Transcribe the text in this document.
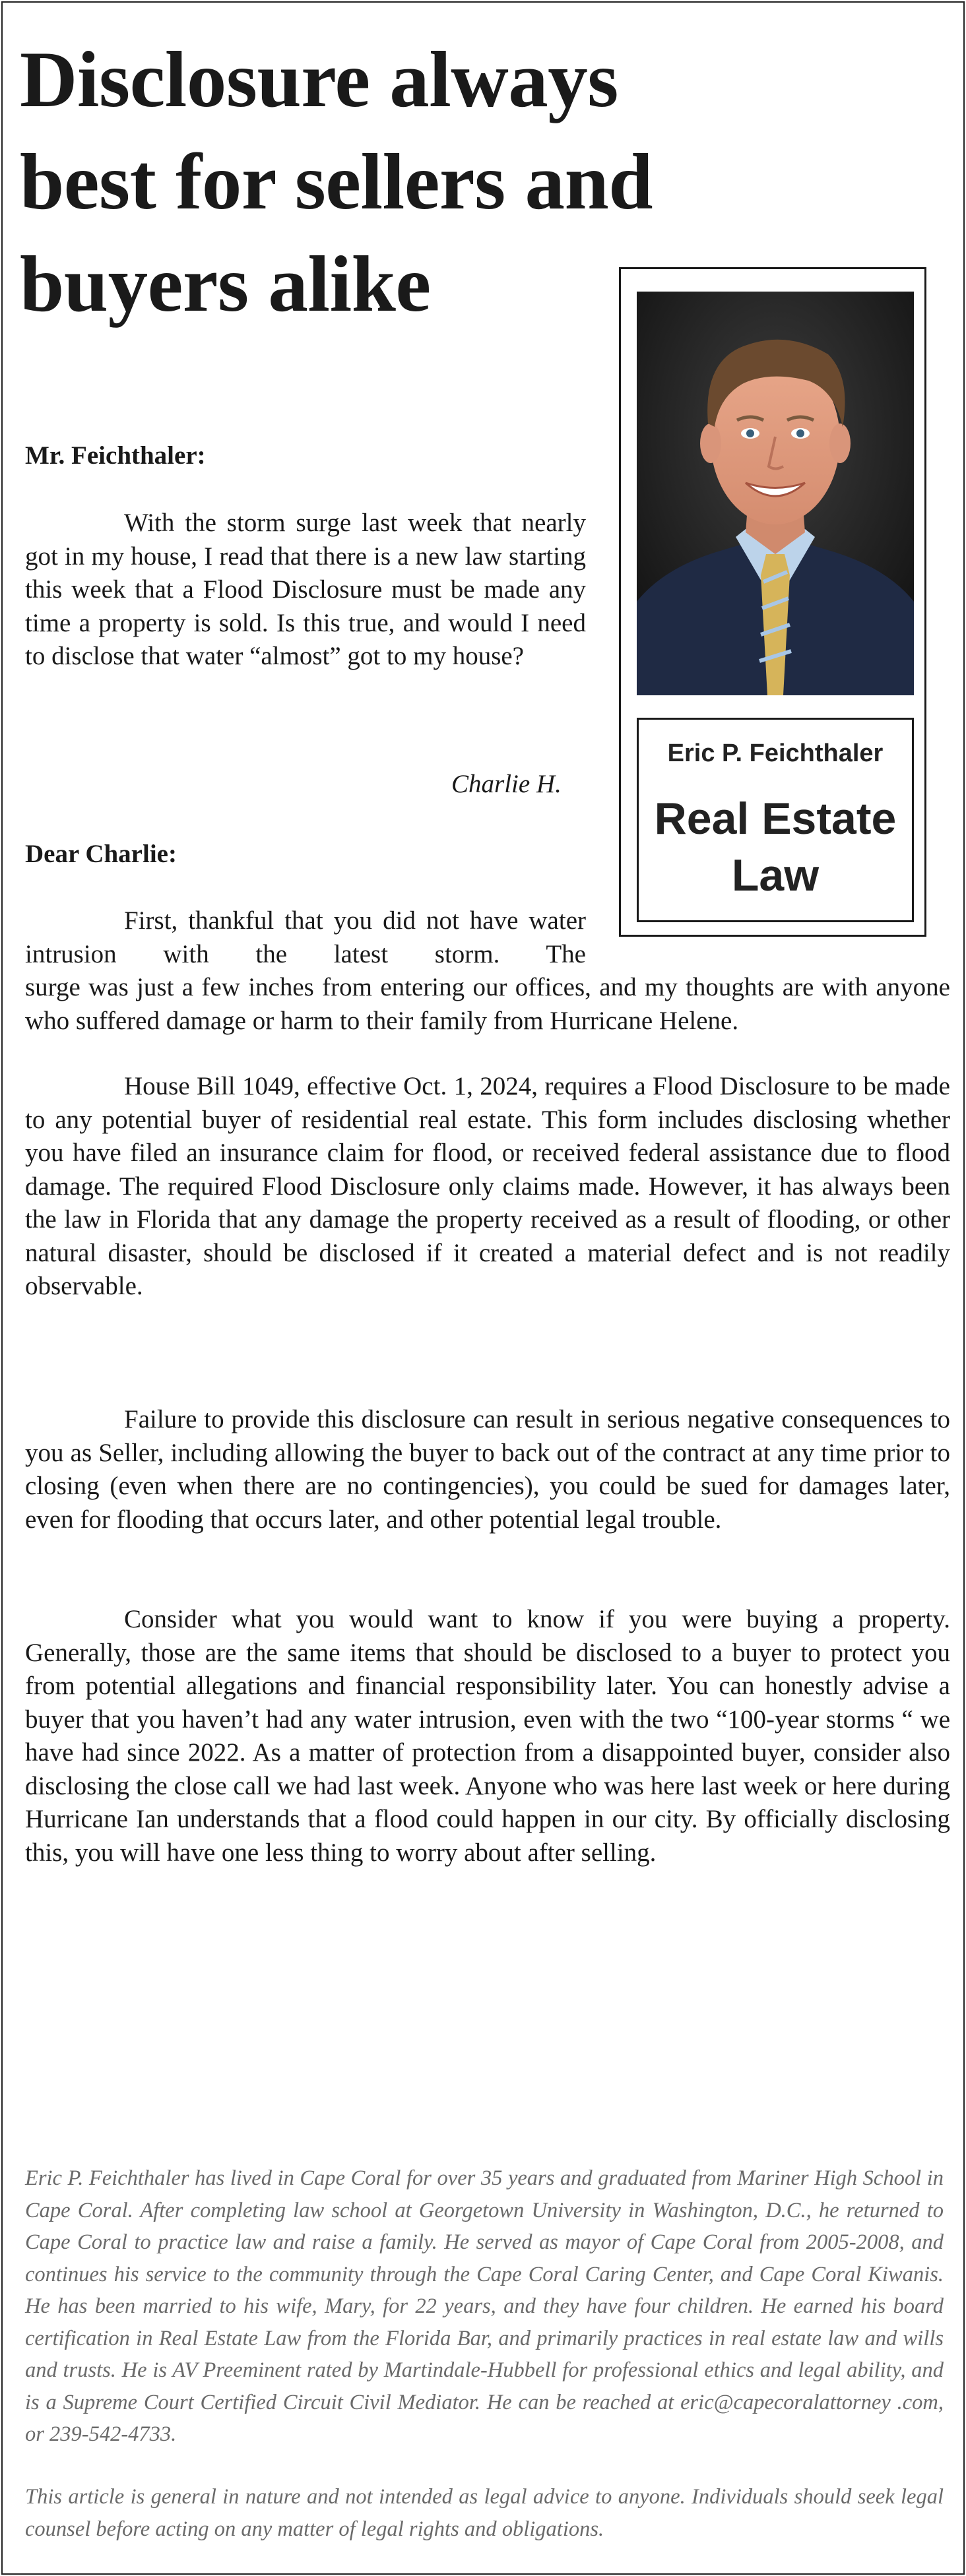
Disclosure always
best for sellers and
buyers alike
Eric P. Feichthaler
Real Estate Law
Mr. Feichthaler:
With the storm surge last week that nearly got in my house, I read that there is a new law starting this week that a Flood Disclosure must be made any time a property is sold. Is this true, and would I need to disclose that water “almost” got to my house?
Charlie H.
Dear Charlie:
First, thankful that you did not have water intrusion with the latest storm. The

surge was just a few inches from entering our offices, and my thoughts are with anyone who suffered damage or harm to their family from Hurricane Helene.

House Bill 1049, effective Oct. 1, 2024, requires a Flood Disclosure to be made to any potential buyer of residential real estate. This form includes disclosing whether you have filed an insurance claim for flood, or received federal assistance due to flood damage. The required Flood Disclosure only claims made. However, it has always been the law in Florida that any damage the property received as a result of flooding, or other natural disaster, should be disclosed if it created a material defect and is not readily observable.

Failure to provide this disclosure can result in serious negative consequences to you as Seller, including allowing the buyer to back out of the contract at any time prior to closing (even when there are no contingencies), you could be sued for damages later, even for flooding that occurs later, and other potential legal trouble.

Consider what you would want to know if you were buying a property. Generally, those are the same items that should be disclosed to a buyer to protect you from potential allegations and financial responsibility later. You can honestly advise a buyer that you haven’t had any water intrusion, even with the two “100-year storms “ we have had since 2022. As a matter of protection from a disappointed buyer, consider also disclosing the close call we had last week. Anyone who was here last week or here during Hurricane Ian understands that a flood could happen in our city. By officially disclosing this, you will have one less thing to worry about after selling.

Eric P. Feichthaler has lived in Cape Coral for over 35 years and graduated from Mariner High School in Cape Coral. After completing law school at Georgetown University in Washington, D.C., he returned to Cape Coral to practice law and raise a family. He served as mayor of Cape Coral from 2005-2008, and continues his service to the community through the Cape Coral Caring Center, and Cape Coral Kiwanis. He has been married to his wife, Mary, for 22 years, and they have four children. He earned his board certification in Real Estate Law from the Florida Bar, and primarily practices in real estate law and wills and trusts. He is AV Preeminent rated by Martindale-Hubbell for professional ethics and legal ability, and is a Supreme Court Certified Circuit Civil Mediator. He can be reached at eric@capecoralattorney .com, or 239-542-4733.

This article is general in nature and not intended as legal advice to anyone. Individuals should seek legal counsel before acting on any matter of legal rights and obligations.
